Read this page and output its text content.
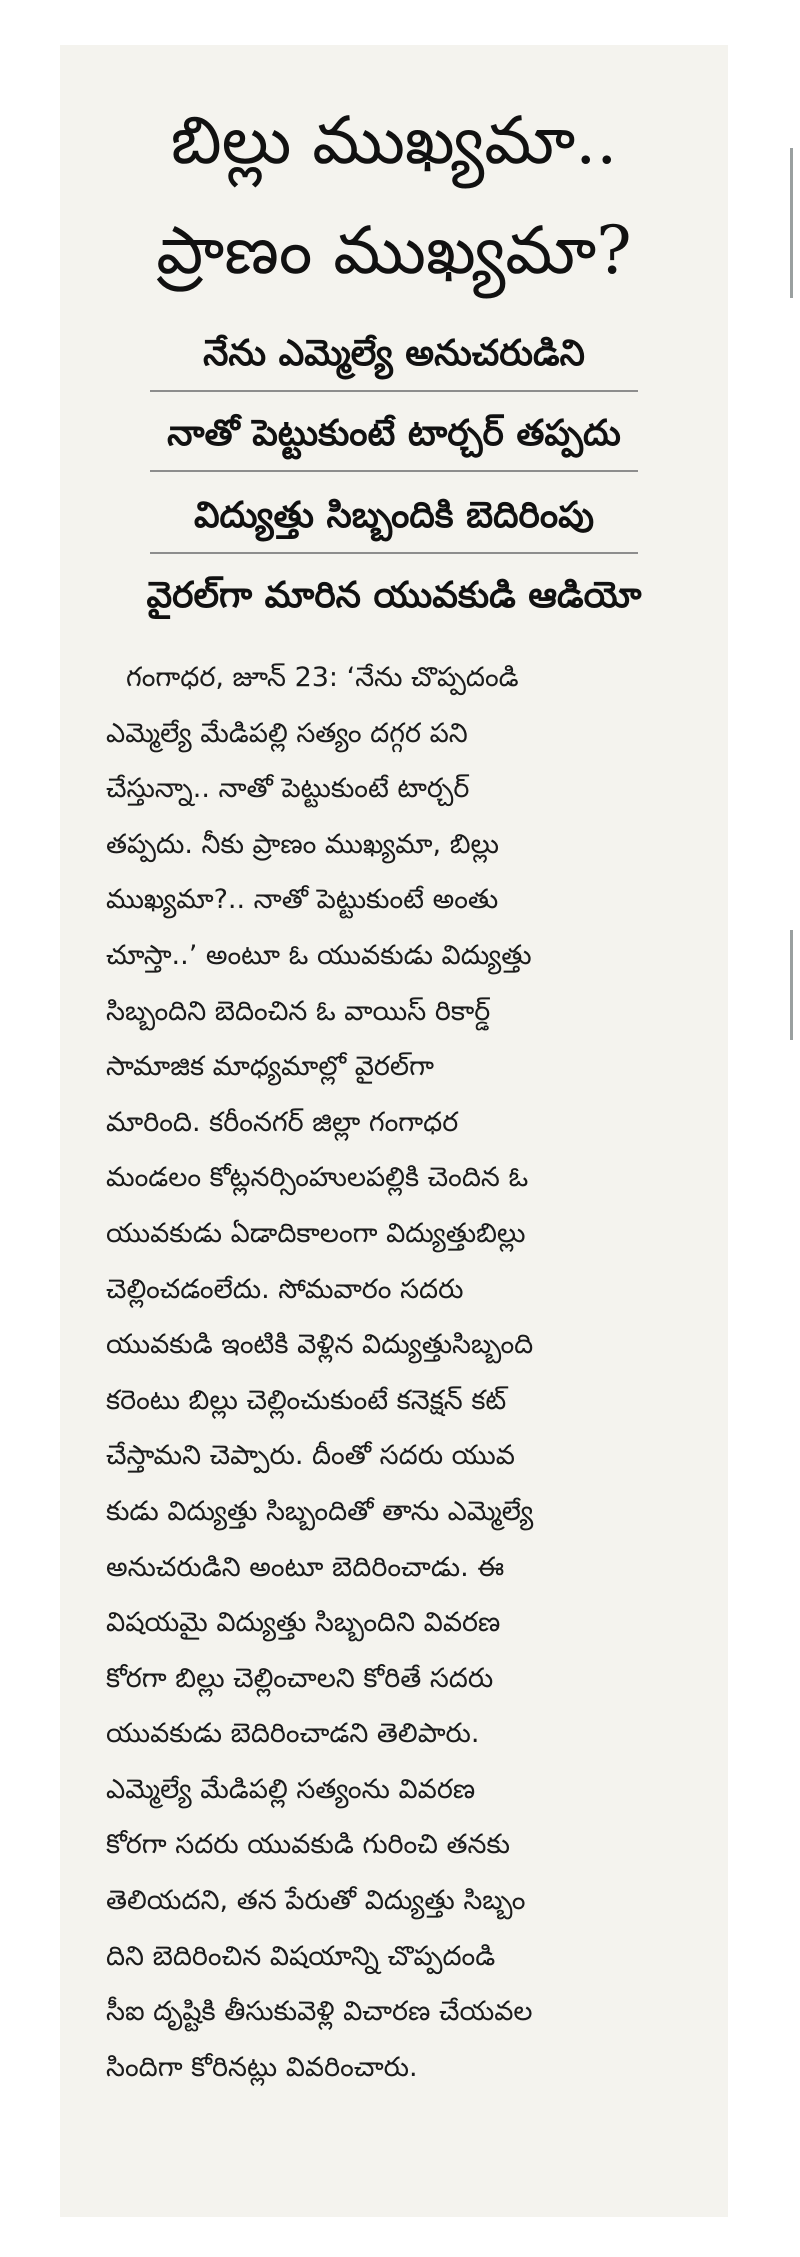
బిల్లు ముఖ్యమా..
ప్రాణం ముఖ్యమా?
నేను ఎమ్మెల్యే అనుచరుడిని
నాతో పెట్టుకుంటే టార్చర్ తప్పదు
విద్యుత్తు సిబ్బందికి బెదిరింపు
వైరల్‌గా మారిన యువకుడి ఆడియో
గంగాధర, జూన్ 23: ‘నేను చొప్పదండి
ఎమ్మెల్యే మేడిపల్లి సత్యం దగ్గర పని
చేస్తున్నా.. నాతో పెట్టుకుంటే టార్చర్
తప్పదు. నీకు ప్రాణం ముఖ్యమా, బిల్లు
ముఖ్యమా?.. నాతో పెట్టుకుంటే అంతు
చూస్తా..’ అంటూ ఓ యువకుడు విద్యుత్తు
సిబ్బందిని బెదించిన ఓ వాయిస్ రికార్డ్
సామాజిక మాధ్యమాల్లో వైరల్‌గా
మారింది. కరీంనగర్ జిల్లా గంగాధర
మండలం కోట్లనర్సింహులపల్లికి చెందిన ఓ
యువకుడు ఏడాదికాలంగా విద్యుత్తుబిల్లు
చెల్లించడంలేదు. సోమవారం సదరు
యువకుడి ఇంటికి వెళ్లిన విద్యుత్తుసిబ్బంది
కరెంటు బిల్లు చెల్లించుకుంటే కనెక్షన్ కట్
చేస్తామని చెప్పారు. దీంతో సదరు యువ
కుడు విద్యుత్తు సిబ్బందితో తాను ఎమ్మెల్యే
అనుచరుడిని అంటూ బెదిరించాడు. ఈ
విషయమై విద్యుత్తు సిబ్బందిని వివరణ
కోరగా బిల్లు చెల్లించాలని కోరితే సదరు
యువకుడు బెదిరించాడని తెలిపారు.
ఎమ్మెల్యే మేడిపల్లి సత్యంను వివరణ
కోరగా సదరు యువకుడి గురించి తనకు
తెలియదని, తన పేరుతో విద్యుత్తు సిబ్బం
దిని బెదిరించిన విషయాన్ని చొప్పదండి
సీఐ దృష్టికి తీసుకువెళ్లి విచారణ చేయవల
సిందిగా కోరినట్లు వివరించారు.
